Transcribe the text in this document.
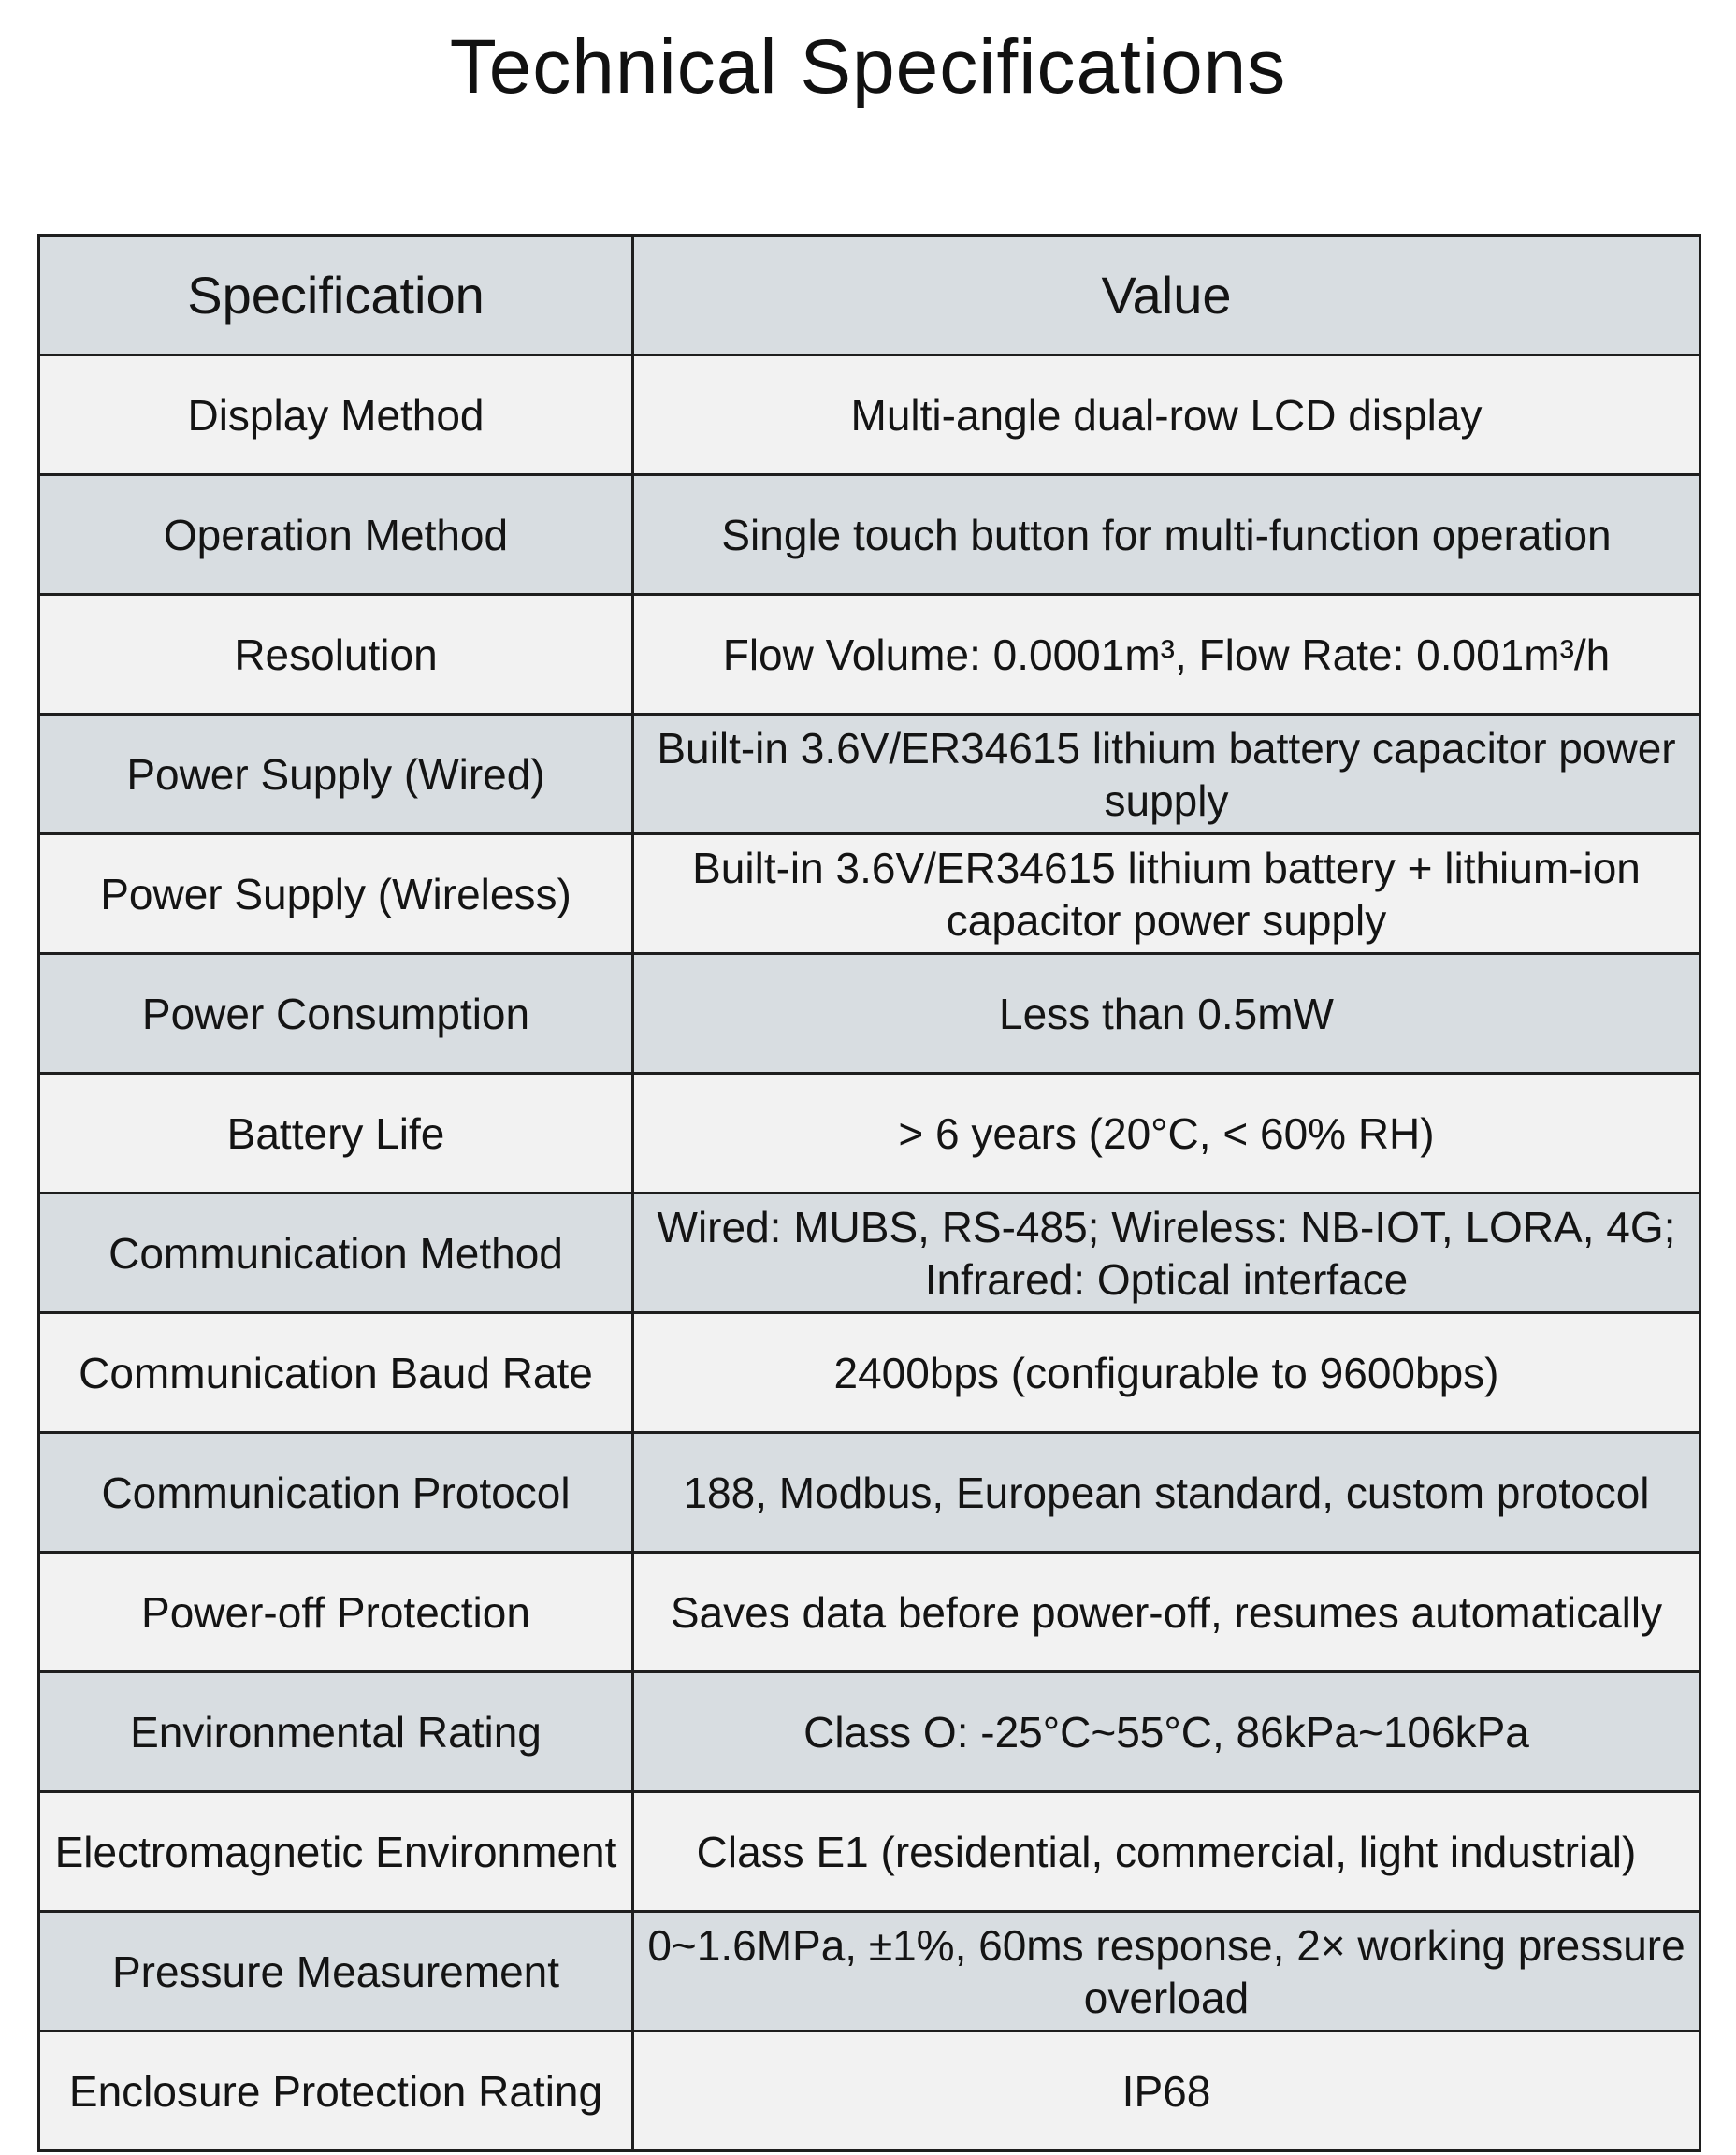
Technical Specifications
Specification	Value
Display Method	Multi-angle dual-row LCD display
Operation Method	Single touch button for multi-function operation
Resolution	Flow Volume: 0.0001m³, Flow Rate: 0.001m³/h
Power Supply (Wired)	Built-in 3.6V/ER34615 lithium battery capacitor power supply
Power Supply (Wireless)	Built-in 3.6V/ER34615 lithium battery + lithium-ion capacitor power supply
Power Consumption	Less than 0.5mW
Battery Life	> 6 years (20°C, < 60% RH)
Communication Method	Wired: MUBS, RS-485; Wireless: NB-IOT, LORA, 4G; Infrared: Optical interface
Communication Baud Rate	2400bps (configurable to 9600bps)
Communication Protocol	188, Modbus, European standard, custom protocol
Power-off Protection	Saves data before power-off, resumes automatically
Environmental Rating	Class O: -25°C~55°C, 86kPa~106kPa
Electromagnetic Environment	Class E1 (residential, commercial, light industrial)
Pressure Measurement	0~1.6MPa, ±1%, 60ms response, 2× working pressure overload
Enclosure Protection Rating	IP68
